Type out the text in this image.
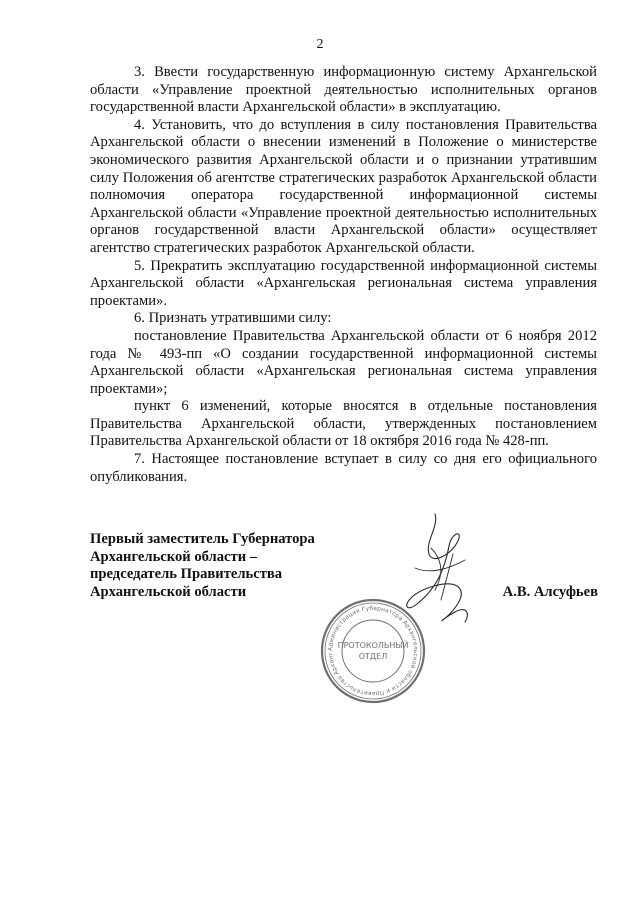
2

3. Ввести государственную информационную систему Архангельской области «Управление проектной деятельностью исполнительных органов государственной власти Архангельской области» в эксплуатацию.

4. Установить, что до вступления в силу постановления Правительства Архангельской области о внесении изменений в Положение о министерстве экономического развития Архангельской области и о признании утратившим силу Положения об агентстве стратегических разработок Архангельской области полномочия оператора государственной информационной системы Архангельской области «Управление проектной деятельностью исполнительных органов государственной власти Архангельской области» осуществляет агентство стратегических разработок Архангельской области.

5. Прекратить эксплуатацию государственной информационной системы Архангельской области «Архангельская региональная система управления проектами».

6. Признать утратившими силу:

постановление Правительства Архангельской области от 6 ноября 2012 года № 493-пп «О создании государственной информационной системы Архангельской области «Архангельская региональная система управления проектами»;

пункт 6 изменений, которые вносятся в отдельные постановления Правительства Архангельской области, утвержденных постановлением Правительства Архангельской области от 18 октября 2016 года № 428-пп.

7. Настоящее постановление вступает в силу со дня его официального опубликования.

Первый заместитель Губернатора
Архангельской области –
председатель Правительства
Архангельской области	А.В. Алсуфьев
Администрация Губернатора Архангельской области и Правительства Арханг
ПРОТОКОЛЬНЫЙ
ОТДЕЛ
